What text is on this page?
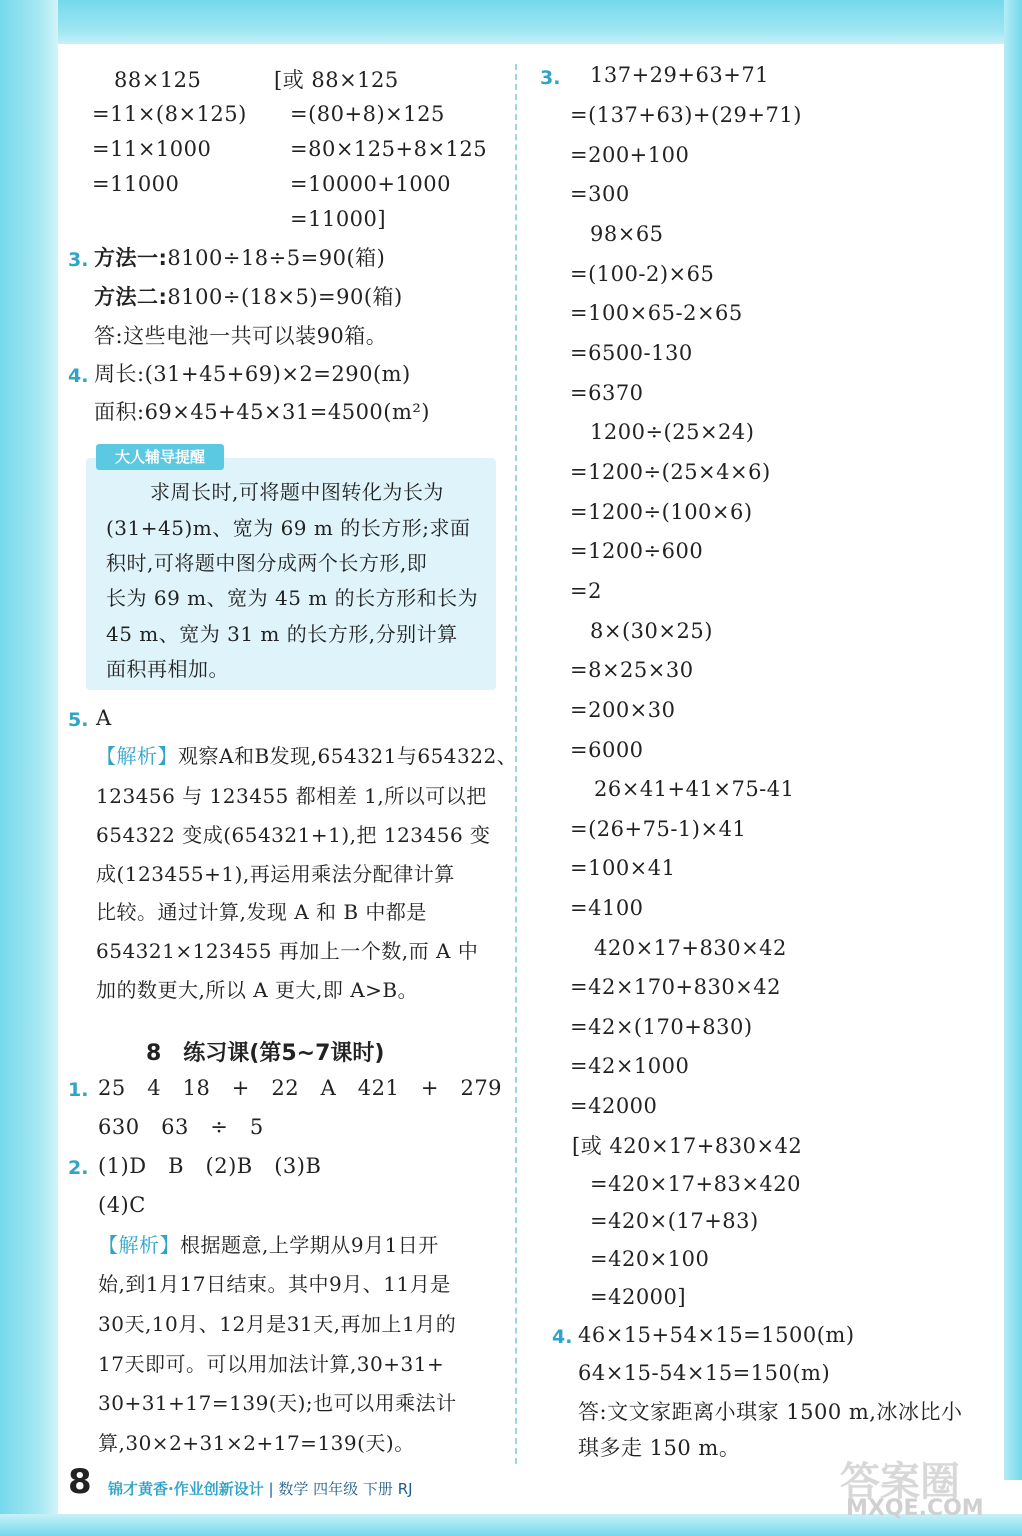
88×125
=11×(8×125)
=11×1000
=11000
[或 88×125
=(80+8)×125
=80×125+8×125
=10000+1000
=11000]
3. 方法一:8100÷18÷5=90(箱)
方法二:8100÷(18×5)=90(箱)
答:这些电池一共可以装90箱。
4. 周长:(31+45+69)×2=290(m)
面积:69×45+45×31=4500(m²)
大人辅导提醒
求周长时,可将题中图转化为长为
(31+45)m、宽为 69 m 的长方形;求面
积时,可将题中图分成两个长方形,即
长为 69 m、宽为 45 m 的长方形和长为
45 m、宽为 31 m 的长方形,分别计算
面积再相加。
5. A
【解析】观察A和B发现,654321与654322、
123456 与 123455 都相差 1,所以可以把
654322 变成(654321+1),把 123456 变
成(123455+1),再运用乘法分配律计算
比较。通过计算,发现 A 和 B 中都是
654321×123455 再加上一个数,而 A 中
加的数更大,所以 A 更大,即 A>B。
8　练习课(第5~7课时)
1. 25　4　18　+　22　A　421　+　279
630　63　÷　5
2. (1)D　B　(2)B　(3)B
(4)C
【解析】根据题意,上学期从9月1日开
始,到1月17日结束。其中9月、11月是
30天,10月、12月是31天,再加上1月的
17天即可。可以用加法计算,30+31+
30+31+17=139(天);也可以用乘法计
算,30×2+31×2+17=139(天)。
3. 137+29+63+71
=(137+63)+(29+71)
=200+100
=300
98×65
=(100-2)×65
=100×65-2×65
=6500-130
=6370
1200÷(25×24)
=1200÷(25×4×6)
=1200÷(100×6)
=1200÷600
=2
8×(30×25)
=8×25×30
=200×30
=6000
26×41+41×75-41
=(26+75-1)×41
=100×41
=4100
420×17+830×42
=42×170+830×42
=42×(170+830)
=42×1000
=42000
[或 420×17+830×42
=420×17+83×420
=420×(17+83)
=420×100
=42000]
4. 46×15+54×15=1500(m)
64×15-54×15=150(m)
答:文文家距离小琪家 1500 m,冰冰比小
琪多走 150 m。
8 锦才黄香·作业创新设计 | 数学 四年级 下册 RJ	答案圈
MXQE.COM
